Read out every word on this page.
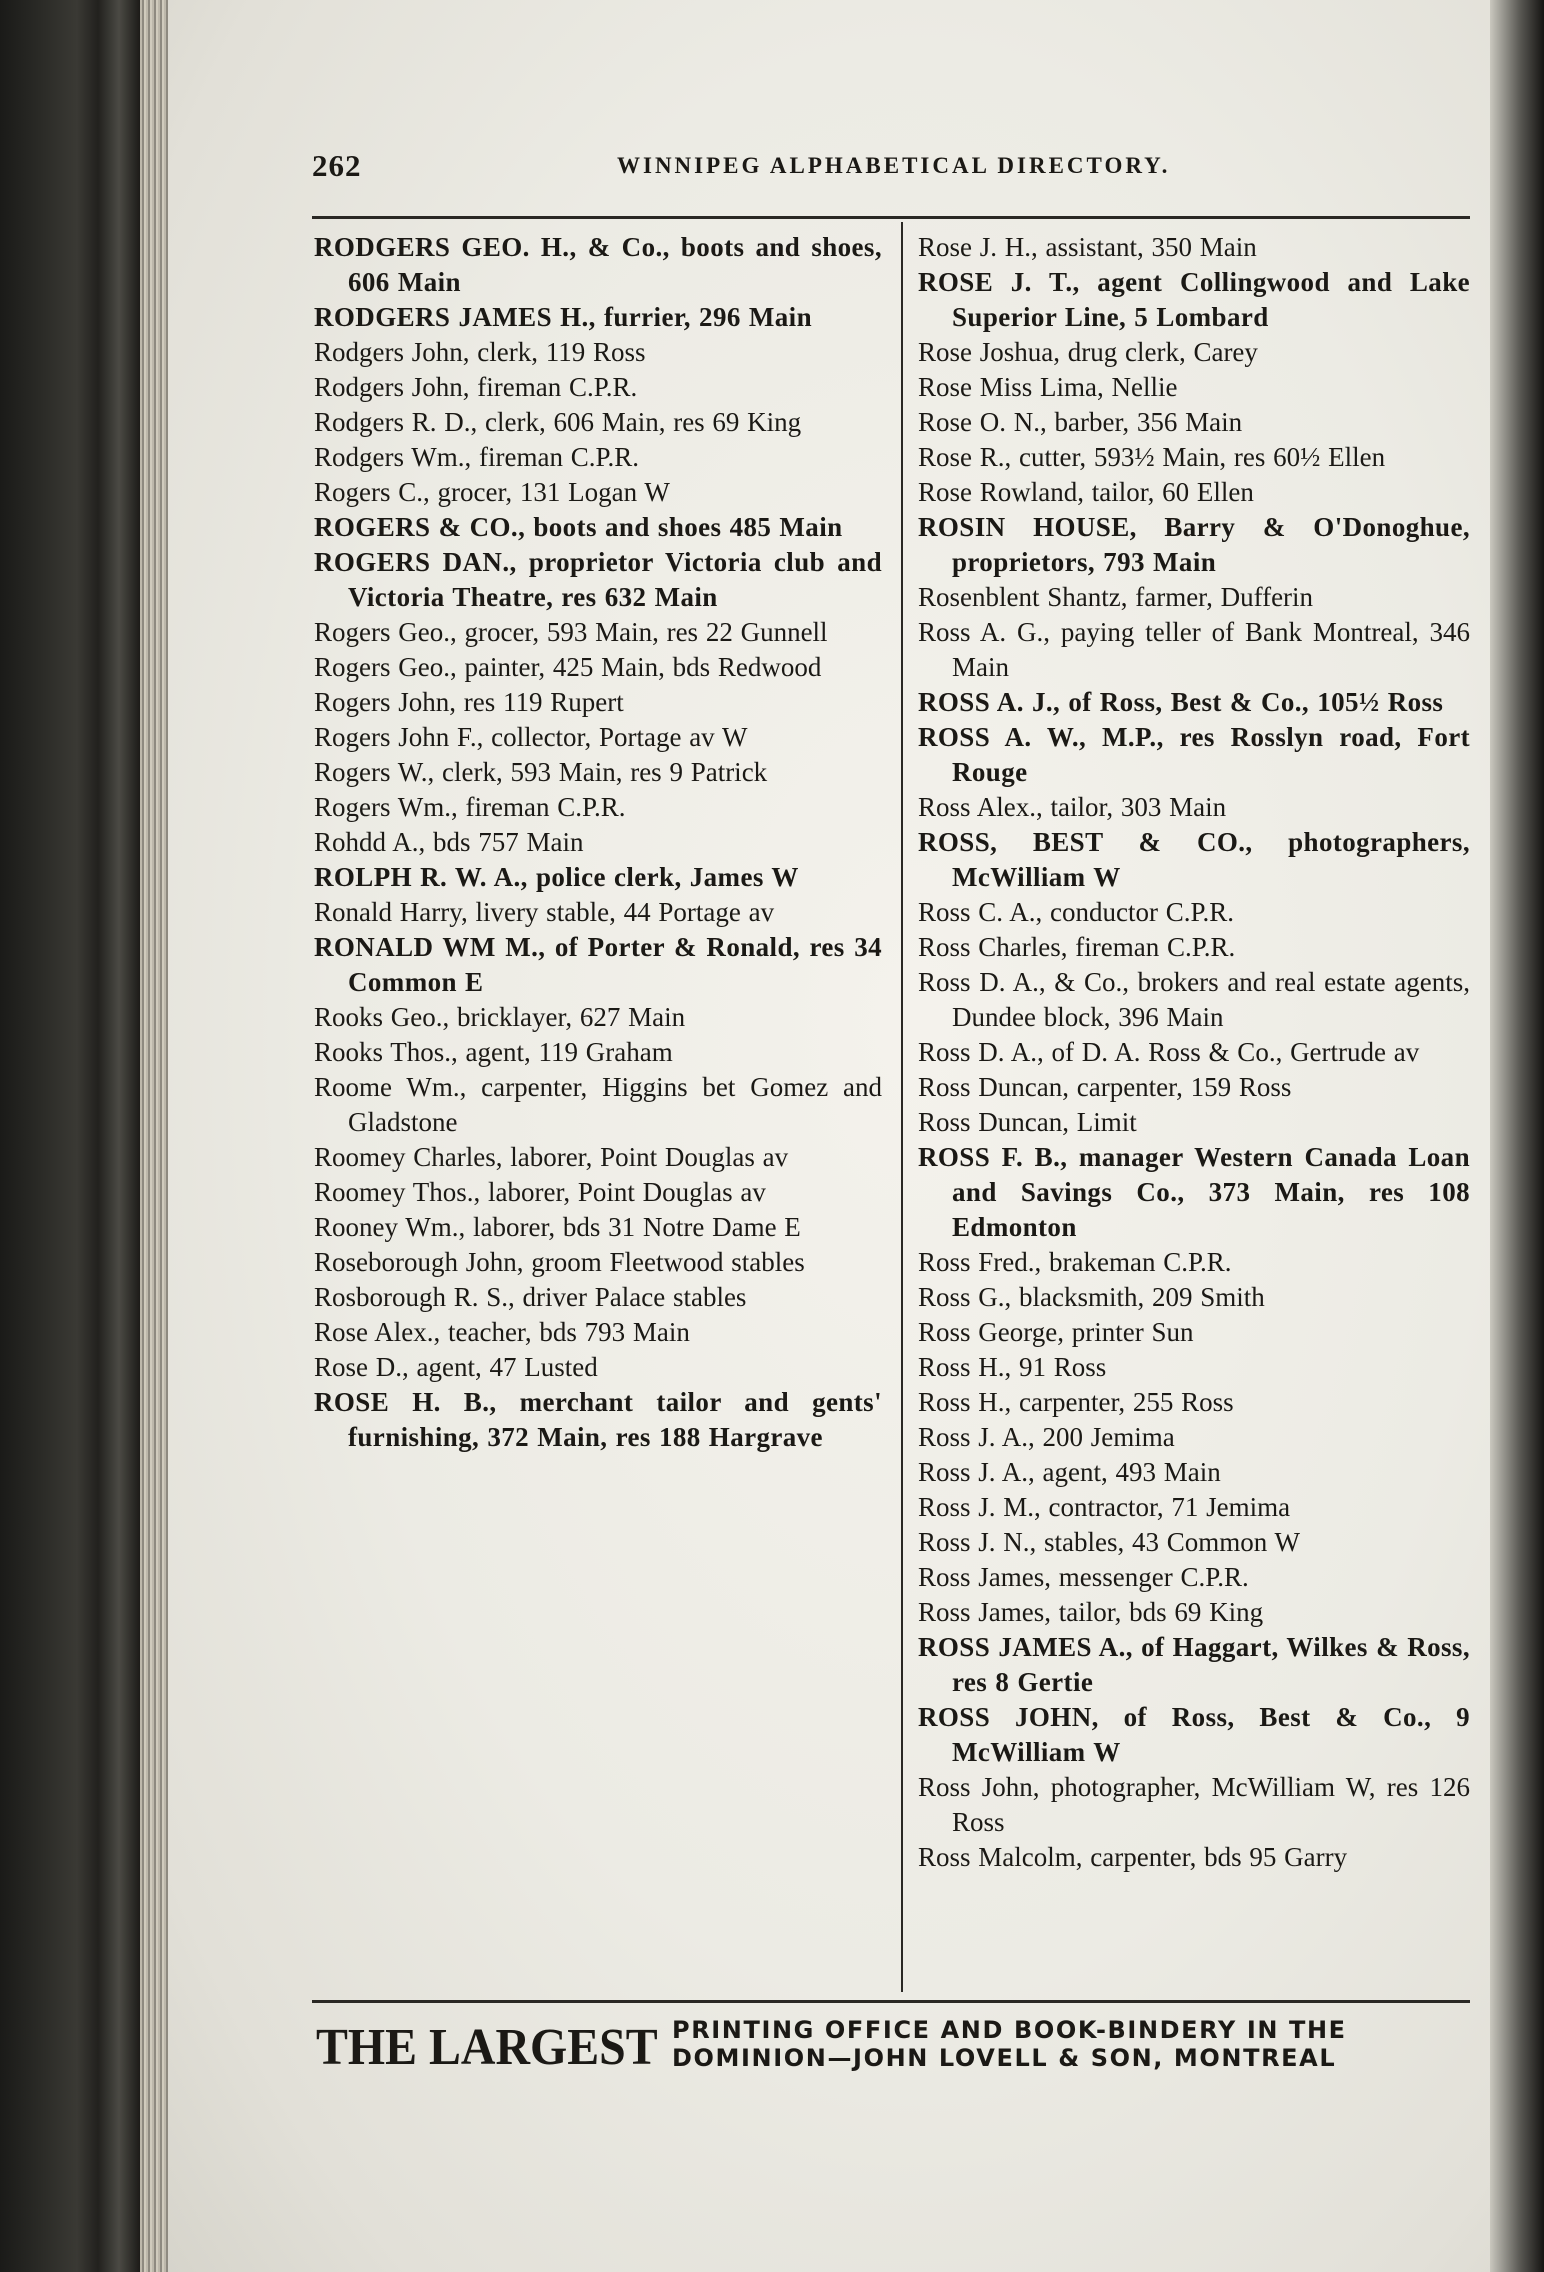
262	WINNIPEG ALPHABETICAL DIRECTORY.
RODGERS GEO. H., & Co., boots and shoes, 606 Main
RODGERS JAMES H., furrier, 296 Main
Rodgers John, clerk, 119 Ross
Rodgers John, fireman C.P.R.
Rodgers R. D., clerk, 606 Main, res 69 King
Rodgers Wm., fireman C.P.R.
Rogers C., grocer, 131 Logan W
ROGERS & CO., boots and shoes 485 Main
ROGERS DAN., proprietor Victoria club and Victoria Theatre, res 632 Main
Rogers Geo., grocer, 593 Main, res 22 Gunnell
Rogers Geo., painter, 425 Main, bds Redwood
Rogers John, res 119 Rupert
Rogers John F., collector, Portage av W
Rogers W., clerk, 593 Main, res 9 Patrick
Rogers Wm., fireman C.P.R.
Rohdd A., bds 757 Main
ROLPH R. W. A., police clerk, James W
Ronald Harry, livery stable, 44 Portage av
RONALD WM M., of Porter & Ronald, res 34 Common E
Rooks Geo., bricklayer, 627 Main
Rooks Thos., agent, 119 Graham
Roome Wm., carpenter, Higgins bet Gomez and Gladstone
Roomey Charles, laborer, Point Douglas av
Roomey Thos., laborer, Point Douglas av
Rooney Wm., laborer, bds 31 Notre Dame E
Roseborough John, groom Fleetwood stables
Rosborough R. S., driver Palace stables
Rose Alex., teacher, bds 793 Main
Rose D., agent, 47 Lusted
ROSE H. B., merchant tailor and gents' furnishing, 372 Main, res 188 Hargrave
Rose J. H., assistant, 350 Main
ROSE J. T., agent Collingwood and Lake Superior Line, 5 Lombard
Rose Joshua, drug clerk, Carey
Rose Miss Lima, Nellie
Rose O. N., barber, 356 Main
Rose R., cutter, 593½ Main, res 60½ Ellen
Rose Rowland, tailor, 60 Ellen
ROSIN HOUSE, Barry & O'Donoghue, proprietors, 793 Main
Rosenblent Shantz, farmer, Dufferin
Ross A. G., paying teller of Bank Montreal, 346 Main
ROSS A. J., of Ross, Best & Co., 105½ Ross
ROSS A. W., M.P., res Rosslyn road, Fort Rouge
Ross Alex., tailor, 303 Main
ROSS, BEST & CO., photographers, McWilliam W
Ross C. A., conductor C.P.R.
Ross Charles, fireman C.P.R.
Ross D. A., & Co., brokers and real estate agents, Dundee block, 396 Main
Ross D. A., of D. A. Ross & Co., Gertrude av
Ross Duncan, carpenter, 159 Ross
Ross Duncan, Limit
ROSS F. B., manager Western Canada Loan and Savings Co., 373 Main, res 108 Edmonton
Ross Fred., brakeman C.P.R.
Ross G., blacksmith, 209 Smith
Ross George, printer Sun
Ross H., 91 Ross
Ross H., carpenter, 255 Ross
Ross J. A., 200 Jemima
Ross J. A., agent, 493 Main
Ross J. M., contractor, 71 Jemima
Ross J. N., stables, 43 Common W
Ross James, messenger C.P.R.
Ross James, tailor, bds 69 King
ROSS JAMES A., of Haggart, Wilkes & Ross, res 8 Gertie
ROSS JOHN, of Ross, Best & Co., 9 McWilliam W
Ross John, photographer, McWilliam W, res 126 Ross
Ross Malcolm, carpenter, bds 95 Garry
THE LARGEST PRINTING OFFICE AND BOOK-BINDERY IN THE
DOMINION—JOHN LOVELL & SON, MONTREAL
